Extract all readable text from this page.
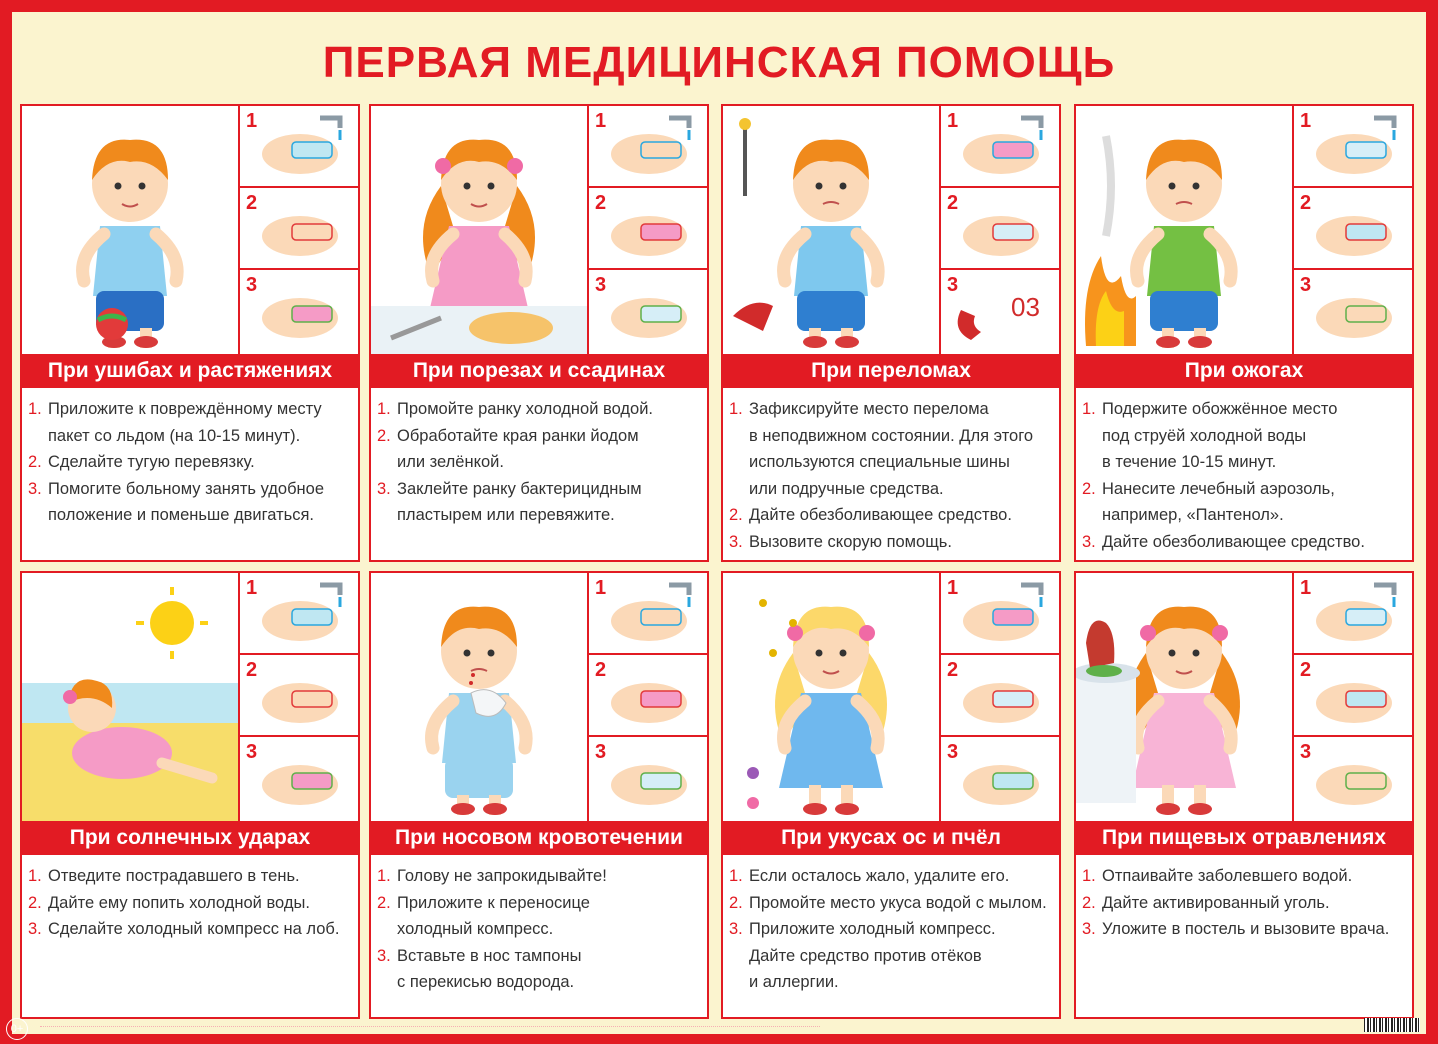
ПЕРВАЯ МЕДИЦИНСКАЯ ПОМОЩЬ
1
2
3
При ушибах и растяжениях
1. Приложите к повреждённому месту
пакет со льдом (на 10-15 минут).
2. Сделайте тугую перевязку.
3. Помогите больному занять удобное
положение и поменьше двигаться.
1
2
3
При порезах и ссадинах
1. Промойте ранку холодной водой.
2. Обработайте края ранки йодом
или зелёнкой.
3. Заклейте ранку бактерицидным
пластырем или перевяжите.
1
2
3
03
При переломах
1. Зафиксируйте место перелома
в неподвижном состоянии. Для этого
используются специальные шины
или подручные средства.
2. Дайте обезболивающее средство.
3. Вызовите скорую помощь.
1
2
3
При ожогах
1. Подержите обожжённое место
под струёй холодной воды
в течение 10-15 минут.
2. Нанесите лечебный аэрозоль,
например, «Пантенол».
3. Дайте обезболивающее средство.
1
2
3
При солнечных ударах
1. Отведите пострадавшего в тень.
2. Дайте ему попить холодной воды.
3. Сделайте холодный компресс на лоб.
1
2
3
При носовом кровотечении
1. Голову не запрокидывайте!
2. Приложите к переносице
холодный компресс.
3. Вставьте в нос тампоны
с перекисью водорода.
1
2
3
При укусах ос и пчёл
1. Если осталось жало, удалите его.
2. Промойте место укуса водой с мылом.
3. Приложите холодный компресс.
Дайте средство против отёков
и аллергии.
1
2
3
При пищевых отравлениях
1. Отпаивайте заболевшего водой.
2. Дайте активированный уголь.
3. Уложите в постель и вызовите врача.
0+
